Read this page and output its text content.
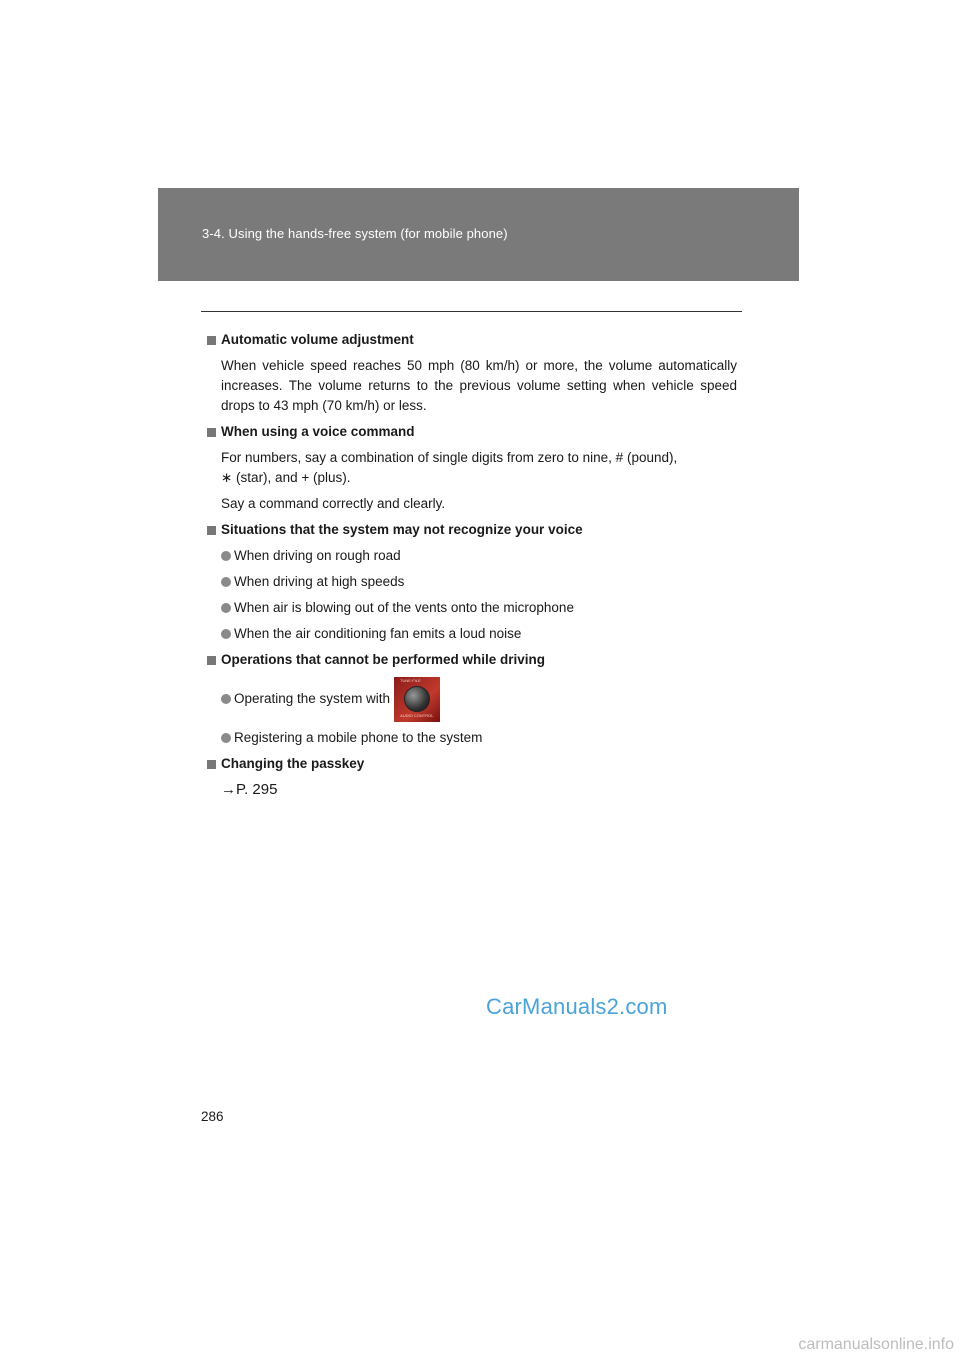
3-4. Using the hands-free system (for mobile phone)
Automatic volume adjustment
When vehicle speed reaches 50 mph (80 km/h) or more, the volume automatically increases. The volume returns to the previous volume setting when vehicle speed drops to 43 mph (70 km/h) or less.
When using a voice command
For numbers, say a combination of single digits from zero to nine, # (pound),
∗ (star), and + (plus).
Say a command correctly and clearly.
Situations that the system may not recognize your voice
When driving on rough road
When driving at high speeds
When air is blowing out of the vents onto the microphone
When the air conditioning fan emits a loud noise
Operations that cannot be performed while driving
Operating the system with
TUNE·FILE
AUDIO CONTROL
Registering a mobile phone to the system
Changing the passkey
→P. 295
CarManuals2.com
286
carmanualsonline.info
